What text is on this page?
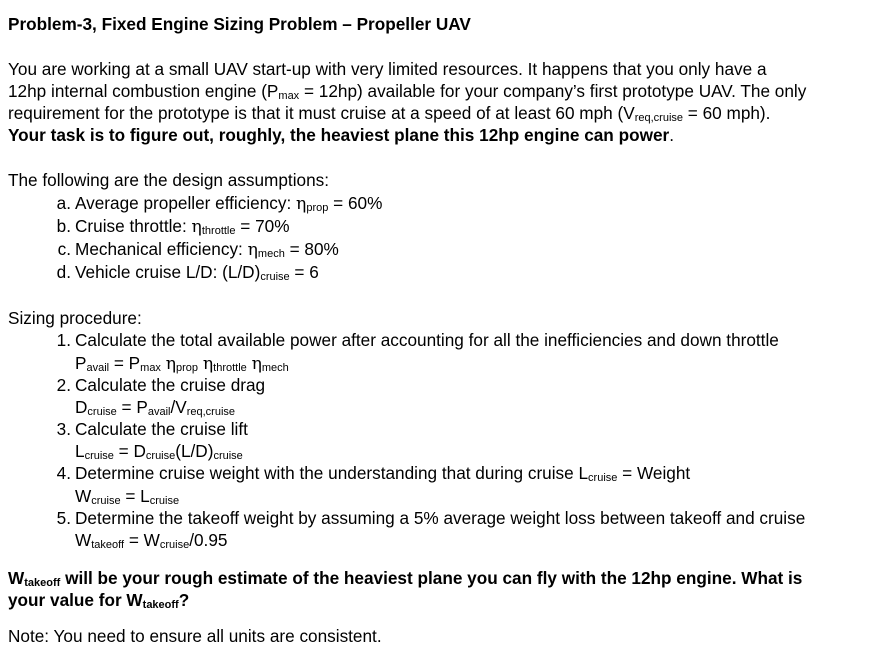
Problem-3, Fixed Engine Sizing Problem – Propeller UAV
You are working at a small UAV start-up with very limited resources. It happens that you only have a
12hp internal combustion engine $(P_{max} = 12hp)$ available for your company’s first prototype UAV. The only
requirement for the prototype is that it must cruise at a speed of at least 60 mph ($V_{req,cruise} = 60$ mph).
Your task is to figure out, roughly, the heaviest plane this 12hp engine can power.
The following are the design assumptions:
a. Average propeller efficiency: $\eta_{prop} = 60\%$
b. Cruise throttle: $\eta_{throttle} = 70\%$
c. Mechanical efficiency: $\eta_{mech} = 80\%$
d. Vehicle cruise L/D: $(L/D)_{cruise} = 6$
Sizing procedure:
1. Calculate the total available power after accounting for all the inefficiencies and down throttle
$P_{avail} = P_{max}$ $\eta_{prop}$ $\eta_{throttle}$ $\eta_{mech}$
2. Calculate the cruise drag
$D_{cruise} = P_{avail}/V_{req,cruise}$
3. Calculate the cruise lift
$L_{cruise} = D_{cruise}(L/D)_{cruise}$
4. Determine cruise weight with the understanding that during cruise $L_{cruise}$ = Weight
$W_{cruise} = L_{cruise}$
5. Determine the takeoff weight by assuming a 5% average weight loss between takeoff and cruise
$W_{takeoff} = W_{cruise}/0.95$
$W_{takeoff}$ will be your rough estimate of the heaviest plane you can fly with the 12hp engine. What is
your value for $W_{takeoff}$?
Note: You need to ensure all units are consistent.
